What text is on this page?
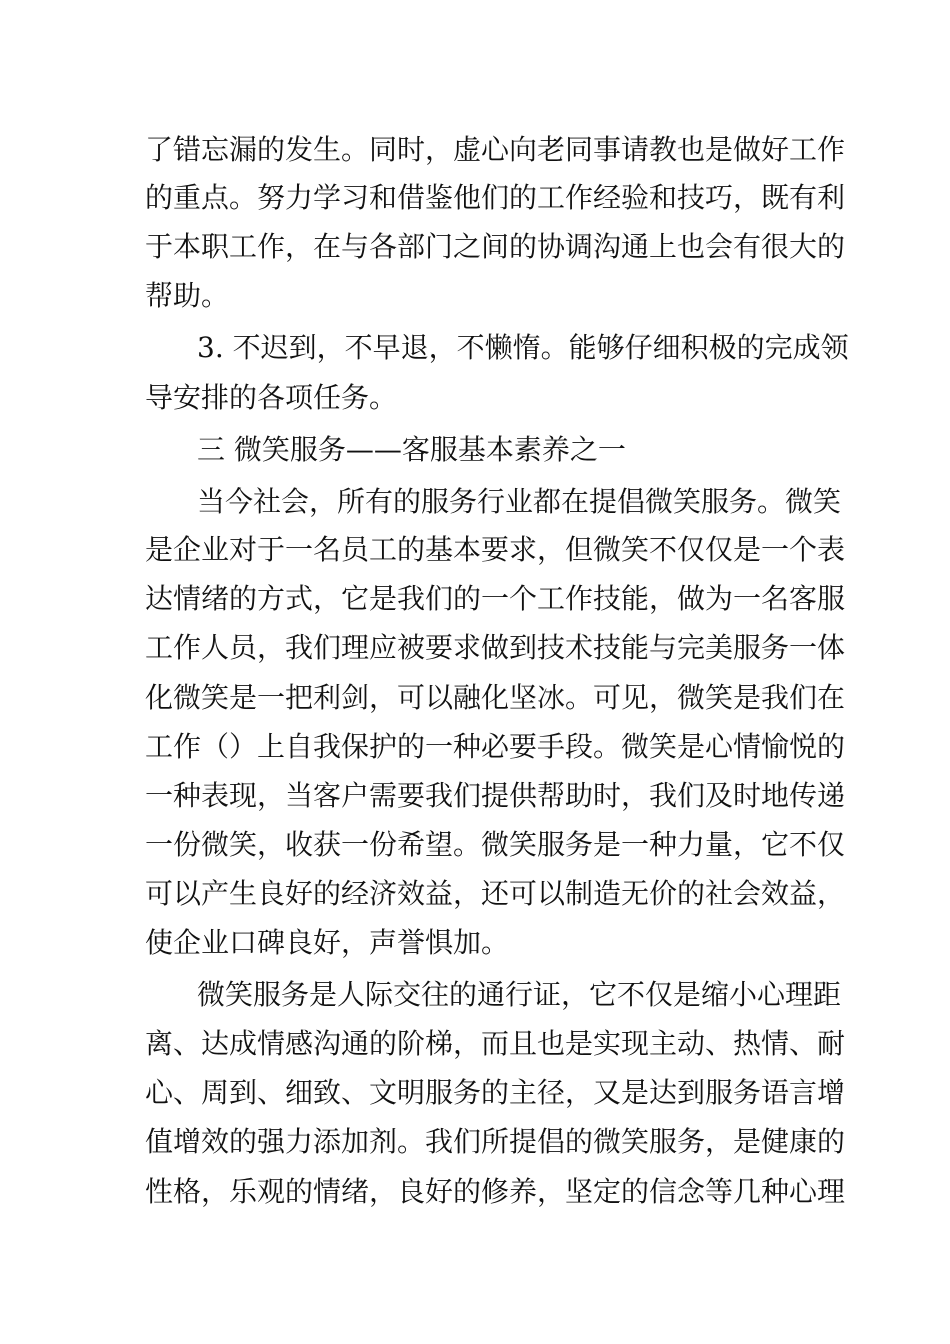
了错忘漏的发生。同时，虚心向老同事请教也是做好工作
的重点。努力学习和借鉴他们的工作经验和技巧，既有利
于本职工作，在与各部门之间的协调沟通上也会有很大的
帮助。
3. 不迟到，不早退，不懒惰。能够仔细积极的完成领
导安排的各项任务。
三 微笑服务——客服基本素养之一
当今社会，所有的服务行业都在提倡微笑服务。微笑
是企业对于一名员工的基本要求，但微笑不仅仅是一个表
达情绪的方式，它是我们的一个工作技能，做为一名客服
工作人员，我们理应被要求做到技术技能与完美服务一体
化微笑是一把利剑，可以融化坚冰。可见，微笑是我们在
工作（）上自我保护的一种必要手段。微笑是心情愉悦的
一种表现，当客户需要我们提供帮助时，我们及时地传递
一份微笑，收获一份希望。微笑服务是一种力量，它不仅
可以产生良好的经济效益，还可以制造无价的社会效益，
使企业口碑良好，声誉惧加。
微笑服务是人际交往的通行证，它不仅是缩小心理距
离、达成情感沟通的阶梯，而且也是实现主动、热情、耐
心、周到、细致、文明服务的主径，又是达到服务语言增
值增效的强力添加剂。我们所提倡的微笑服务，是健康的
性格，乐观的情绪，良好的修养，坚定的信念等几种心理
